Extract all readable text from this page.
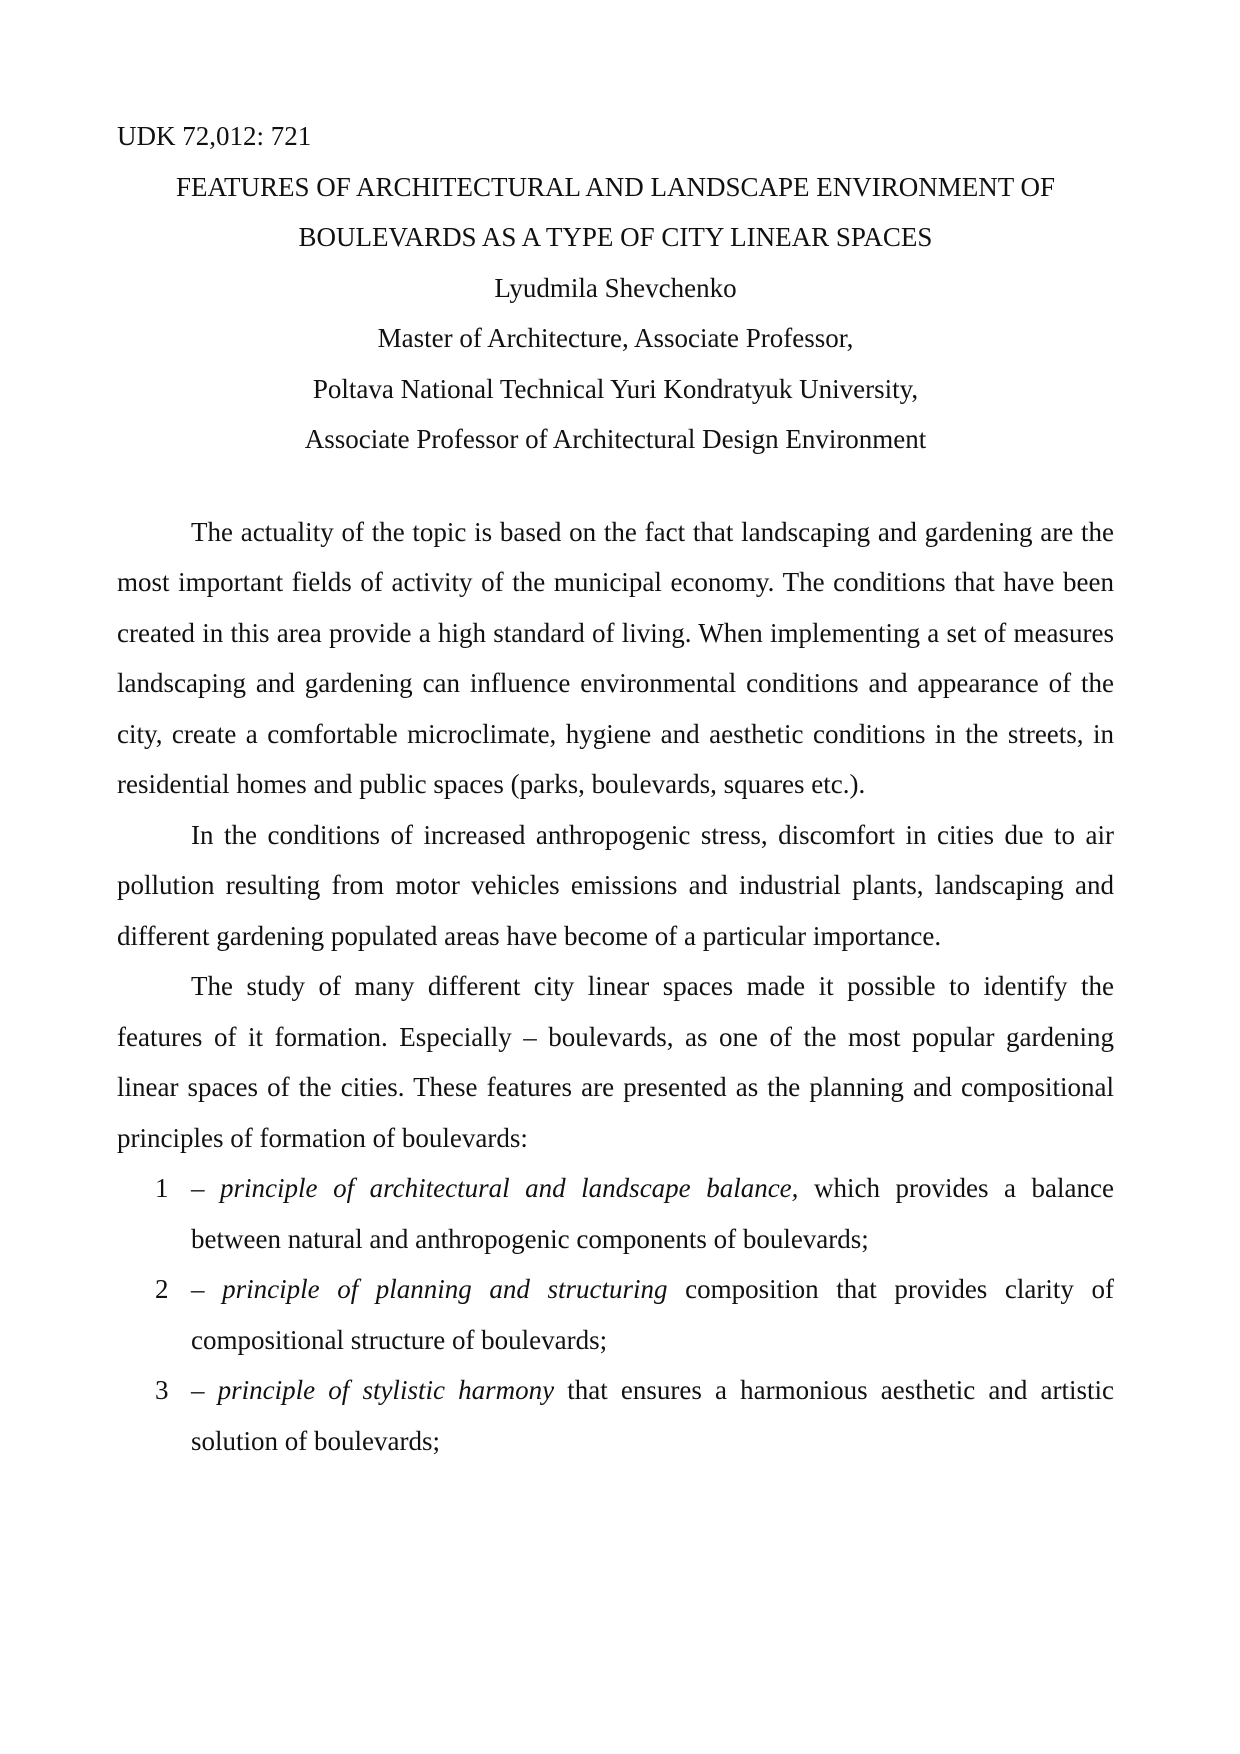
UDK 72,012: 721

FEATURES OF ARCHITECTURAL AND LANDSCAPE ENVIRONMENT OF BOULEVARDS AS A TYPE OF CITY LINEAR SPACES

Lyudmila Shevchenko
Master of Architecture, Associate Professor,
Poltava National Technical Yuri Kondratyuk University,
Associate Professor of Architectural Design Environment

The actuality of the topic is based on the fact that landscaping and gardening are the most important fields of activity of the municipal economy. The conditions that have been created in this area provide a high standard of living. When implementing a set of measures landscaping and gardening can influence environmental conditions and appearance of the city, create a comfortable microclimate, hygiene and aesthetic conditions in the streets, in residential homes and public spaces (parks, boulevards, squares etc.).

In the conditions of increased anthropogenic stress, discomfort in cities due to air pollution resulting from motor vehicles emissions and industrial plants, landscaping and different gardening populated areas have become of a particular importance.

The study of many different city linear spaces made it possible to identify the features of it formation. Especially – boulevards, as one of the most popular gardening linear spaces of the cities. These features are presented as the planning and compositional principles of formation of boulevards:

1 – principle of architectural and landscape balance, which provides a balance between natural and anthropogenic components of boulevards;
2 – principle of planning and structuring composition that provides clarity of compositional structure of boulevards;
3 – principle of stylistic harmony that ensures a harmonious aesthetic and artistic solution of boulevards;
